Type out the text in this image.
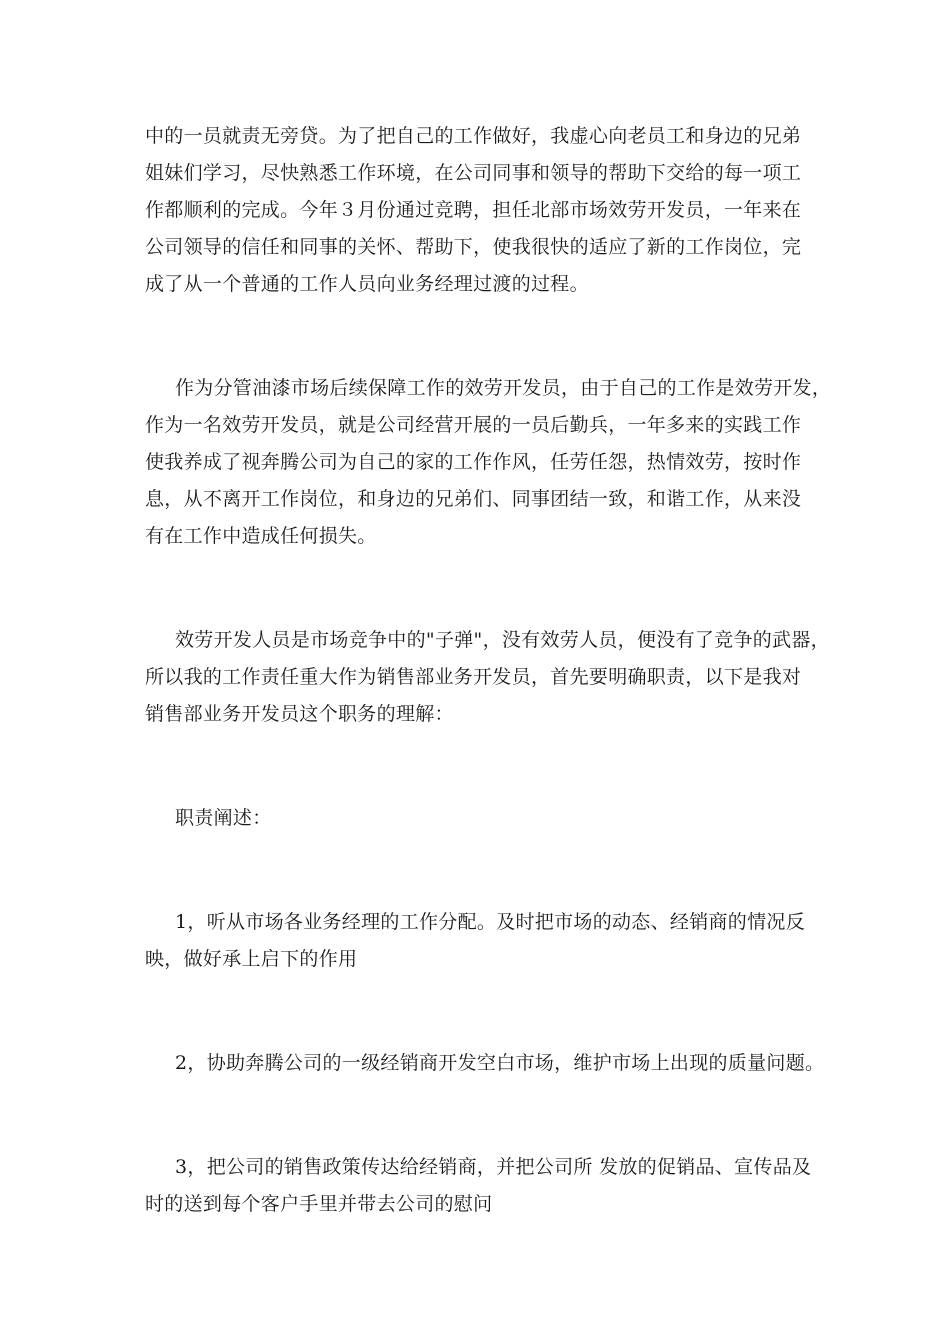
中的一员就责无旁贷。为了把自己的工作做好，我虚心向老员工和身边的兄弟
姐妹们学习，尽快熟悉工作环境，在公司同事和领导的帮助下交给的每一项工
作都顺利的完成。今年３月份通过竞聘，担任北部市场效劳开发员，一年来在
公司领导的信任和同事的关怀、帮助下，使我很快的适应了新的工作岗位，完
成了从一个普通的工作人员向业务经理过渡的过程。
作为分管油漆市场后续保障工作的效劳开发员，由于自己的工作是效劳开发，
作为一名效劳开发员，就是公司经营开展的一员后勤兵，一年多来的实践工作
使我养成了视奔腾公司为自己的家的工作作风，任劳任怨，热情效劳，按时作
息，从不离开工作岗位，和身边的兄弟们、同事团结一致，和谐工作，从来没
有在工作中造成任何损失。
效劳开发人员是市场竞争中的"子弹"，没有效劳人员，便没有了竞争的武器，
所以我的工作责任重大作为销售部业务开发员，首先要明确职责，以下是我对
销售部业务开发员这个职务的理解：
职责阐述：
1，听从市场各业务经理的工作分配。及时把市场的动态、经销商的情况反
映，做好承上启下的作用
2，协助奔腾公司的一级经销商开发空白市场，维护市场上出现的质量问题。
3，把公司的销售政策传达给经销商，并把公司所 发放的促销品、宣传品及
时的送到每个客户手里并带去公司的慰问
